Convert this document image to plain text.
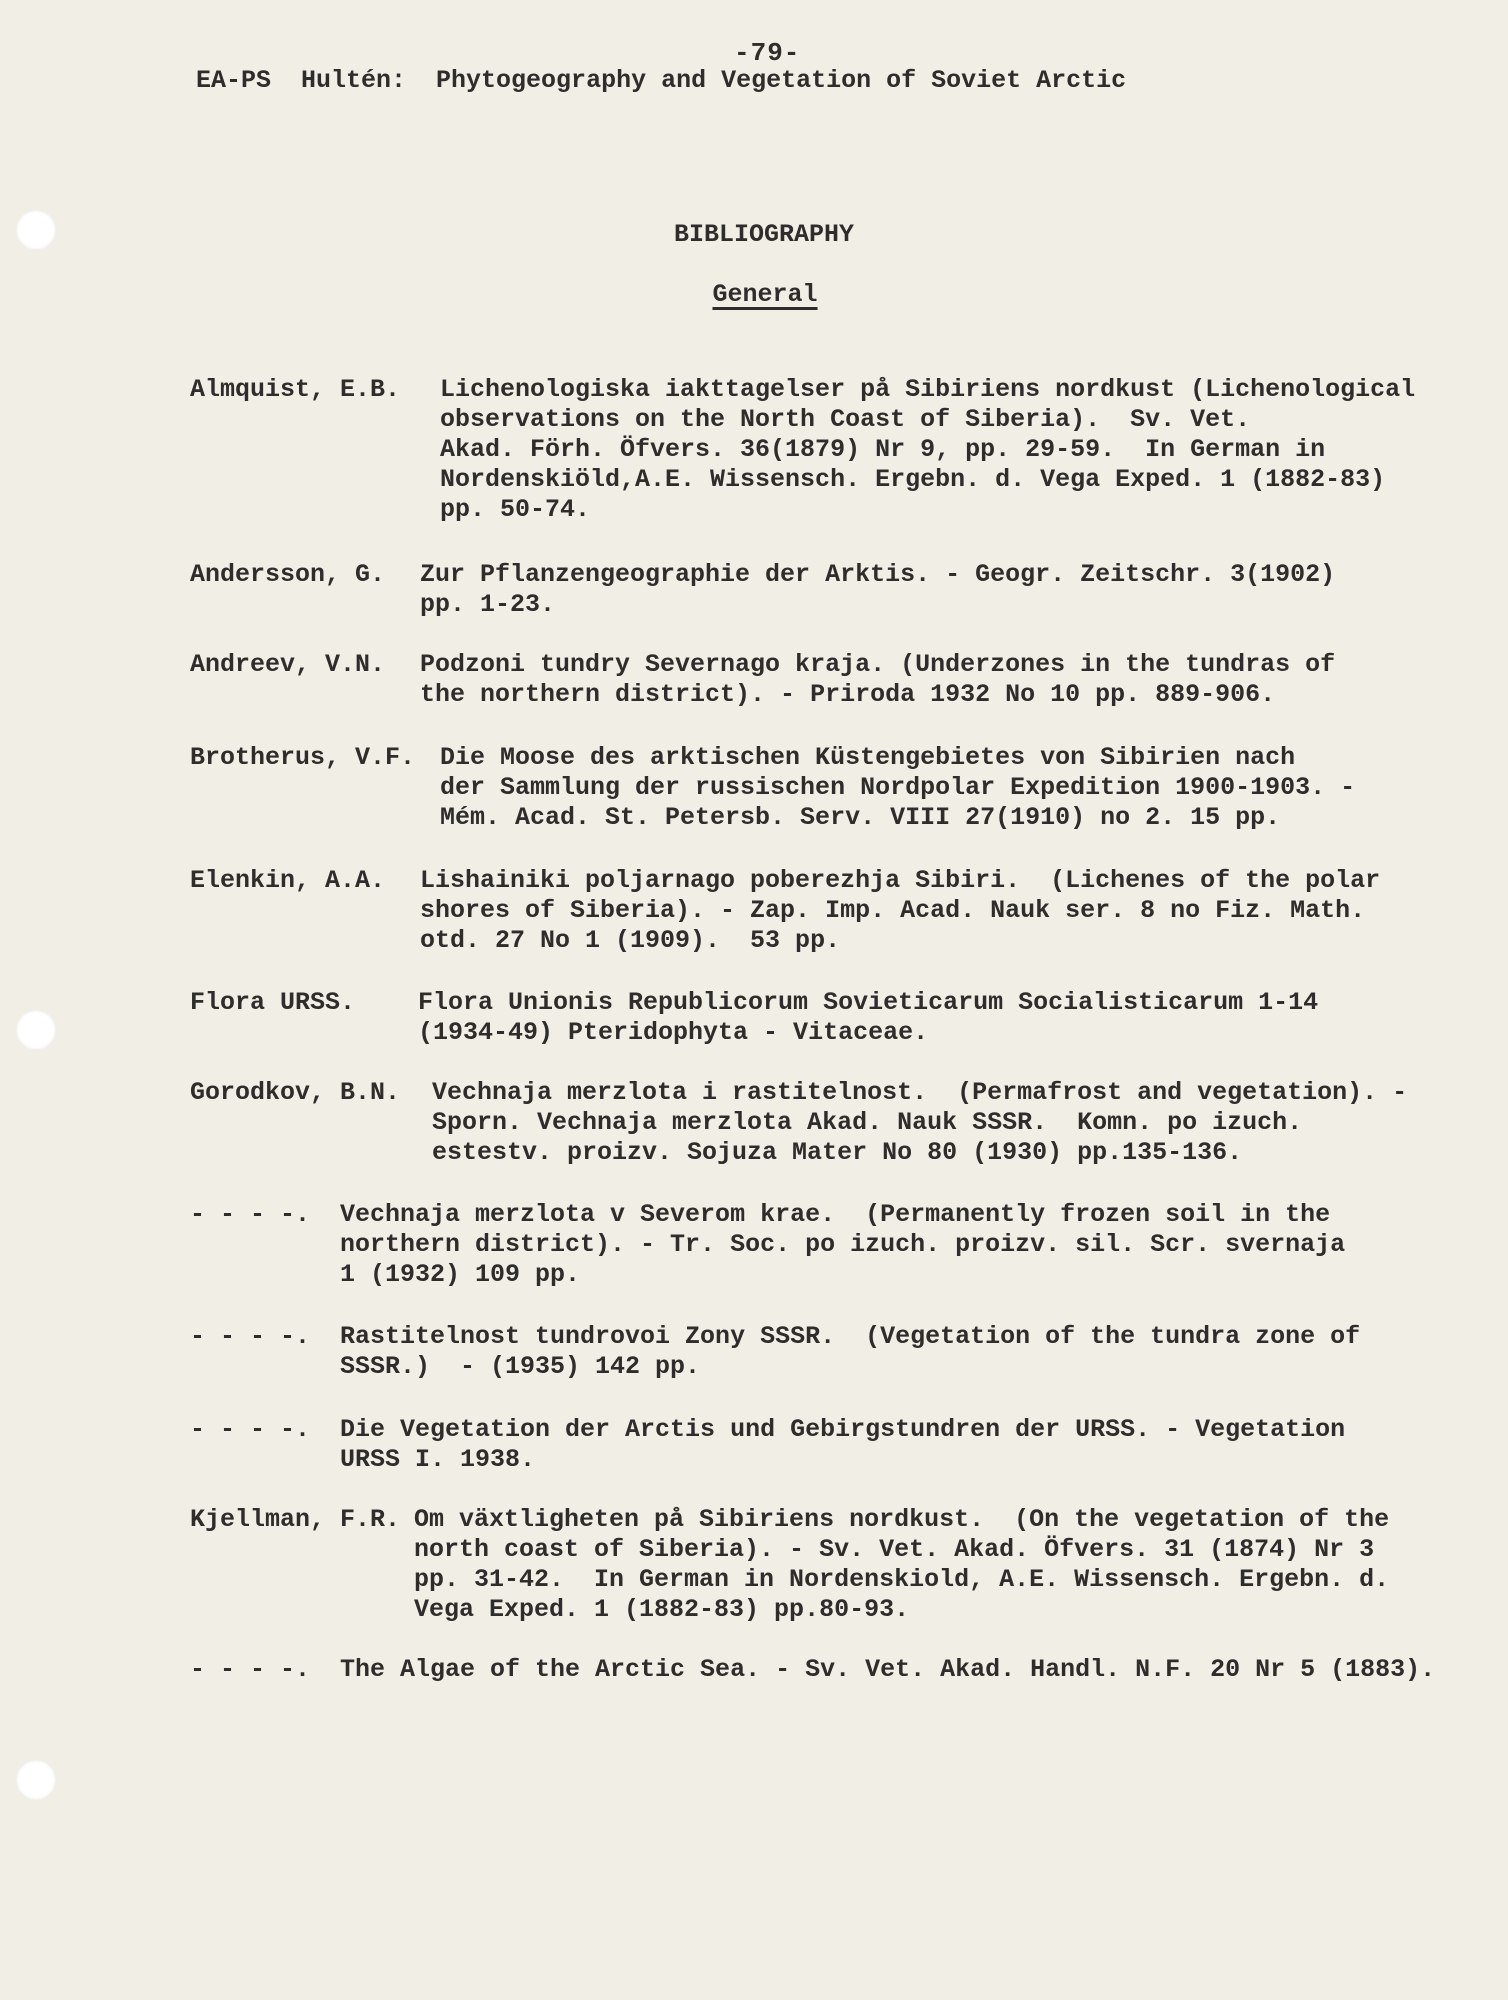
-79-
EA-PS  Hultén:  Phytogeography and Vegetation of Soviet Arctic
BIBLIOGRAPHY
General
Almquist, E.B. Lichenologiska iakttagelser på Sibiriens nordkust (Lichenological
observations on the North Coast of Siberia).  Sv. Vet.
Akad. Förh. Öfvers. 36(1879) Nr 9, pp. 29-59.  In German in
Nordenskiöld,A.E. Wissensch. Ergebn. d. Vega Exped. 1 (1882-83)
pp. 50-74.
Andersson, G. Zur Pflanzengeographie der Arktis. - Geogr. Zeitschr. 3(1902)
pp. 1-23.
Andreev, V.N. Podzoni tundry Severnago kraja. (Underzones in the tundras of
the northern district). - Priroda 1932 No 10 pp. 889-906.
Brotherus, V.F. Die Moose des arktischen Küstengebietes von Sibirien nach
der Sammlung der russischen Nordpolar Expedition 1900-1903. -
Mém. Acad. St. Petersb. Serv. VIII 27(1910) no 2. 15 pp.
Elenkin, A.A. Lishainiki poljarnago poberezhja Sibiri.  (Lichenes of the polar
shores of Siberia). - Zap. Imp. Acad. Nauk ser. 8 no Fiz. Math.
otd. 27 No 1 (1909).  53 pp.
Flora URSS.	Flora Unionis Republicorum Sovieticarum Socialisticarum 1-14
(1934-49) Pteridophyta - Vitaceae.
Gorodkov, B.N. Vechnaja merzlota i rastitelnost.  (Permafrost and vegetation). -
Sporn. Vechnaja merzlota Akad. Nauk SSSR.  Komn. po izuch.
estestv. proizv. Sojuza Mater No 80 (1930) pp.135-136.
- - - -. Vechnaja merzlota v Severom krae.  (Permanently frozen soil in the
northern district). - Tr. Soc. po izuch. proizv. sil. Scr. svernaja
1 (1932) 109 pp.
- - - -. Rastitelnost tundrovoi Zony SSSR.  (Vegetation of the tundra zone of
SSSR.)  - (1935) 142 pp.
- - - -. Die Vegetation der Arctis und Gebirgstundren der URSS. - Vegetation
URSS I. 1938.
Kjellman, F.R. Om växtligheten på Sibiriens nordkust.  (On the vegetation of the
north coast of Siberia). - Sv. Vet. Akad. Öfvers. 31 (1874) Nr 3
pp. 31-42.  In German in Nordenskiold, A.E. Wissensch. Ergebn. d.
Vega Exped. 1 (1882-83) pp.80-93.
- - - -. The Algae of the Arctic Sea. - Sv. Vet. Akad. Handl. N.F. 20 Nr 5 (1883).
